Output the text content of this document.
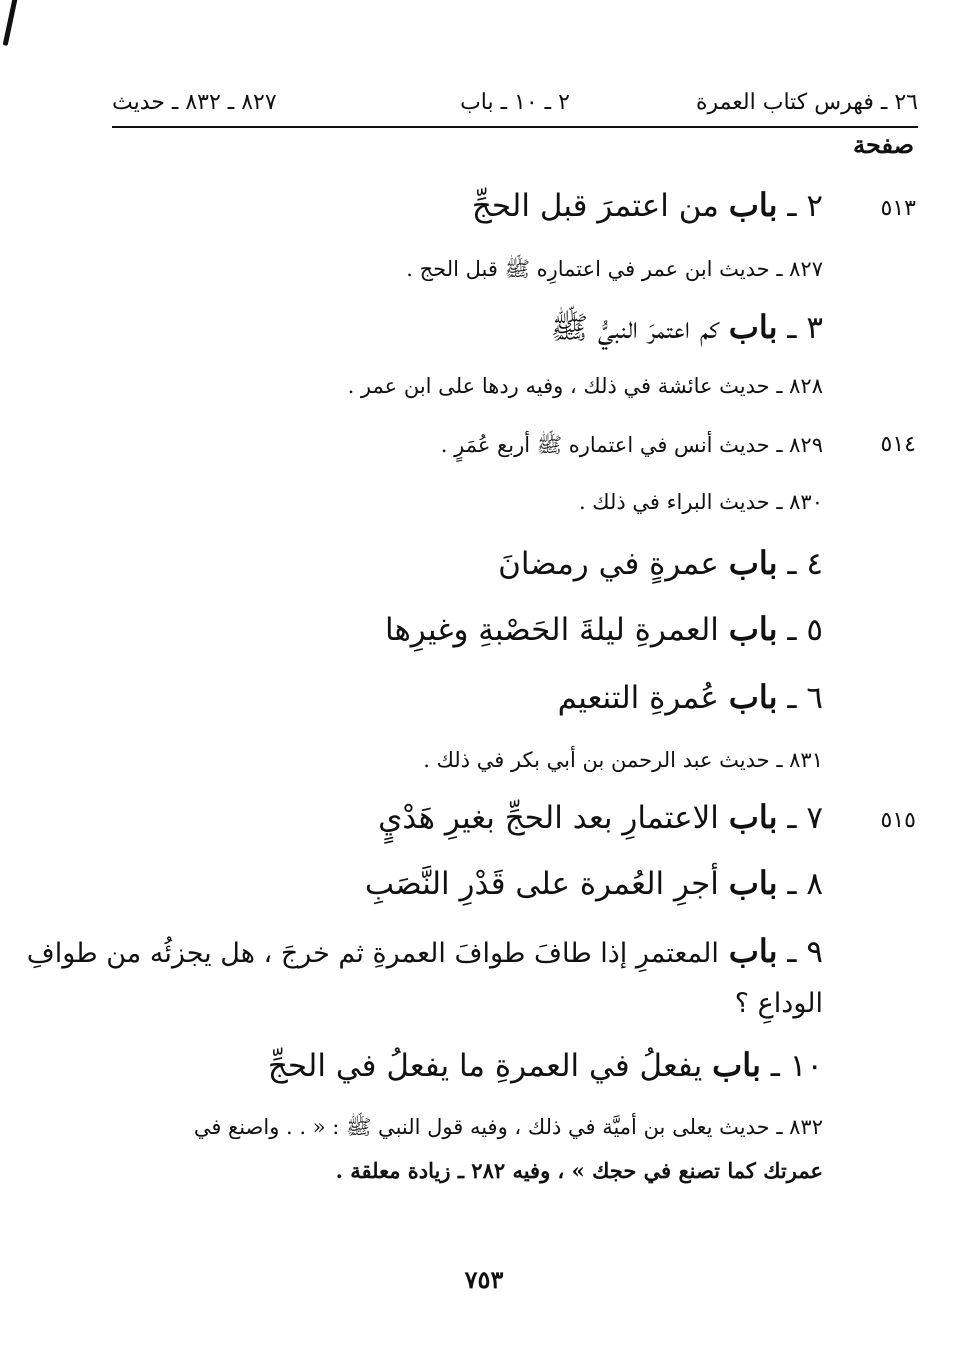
٢٦ ـ فهرس كتاب العمرة
٢ ـ ١٠ ـ باب
٨٢٧ ـ ٨٣٢ ـ حديث
صفحة
٥١٣
٥١٤
٥١٥
٢ ـ باب من اعتمرَ قبل الحجِّ
٨٢٧ ـ حديث ابن عمر في اعتمارِه ﷺ قبل الحج .
٣ ـ باب كم اعتمرَ النبيُّ ﷺ
٨٢٨ ـ حديث عائشة في ذلك ، وفيه ردها على ابن عمر .
٨٢٩ ـ حديث أنس في اعتماره ﷺ أربع عُمَرٍ .
٨٣٠ ـ حديث البراء في ذلك .
٤ ـ باب عمرةٍ في رمضانَ
٥ ـ باب العمرةِ ليلةَ الحَصْبةِ وغيرِها
٦ ـ باب عُمرةِ التنعيم
٨٣١ ـ حديث عبد الرحمن بن أبي بكر في ذلك .
٧ ـ باب الاعتمارِ بعد الحجِّ بغيرِ هَدْيٍ
٨ ـ باب أجرِ العُمرة على قَدْرِ النَّصَبِ
٩ ـ باب المعتمرِ إذا طافَ طوافَ العمرةِ ثم خرجَ ، هل يجزئُه من طوافِ
الوداعِ ؟
١٠ ـ باب يفعلُ في العمرةِ ما يفعلُ في الحجِّ
٨٣٢ ـ حديث يعلى بن أميَّة في ذلك ، وفيه قول النبي ﷺ : « . . واصنع في
عمرتك كما تصنع في حجك » ، وفيه ٢٨٢ ـ زيادة معلقة .
٧٥٣
